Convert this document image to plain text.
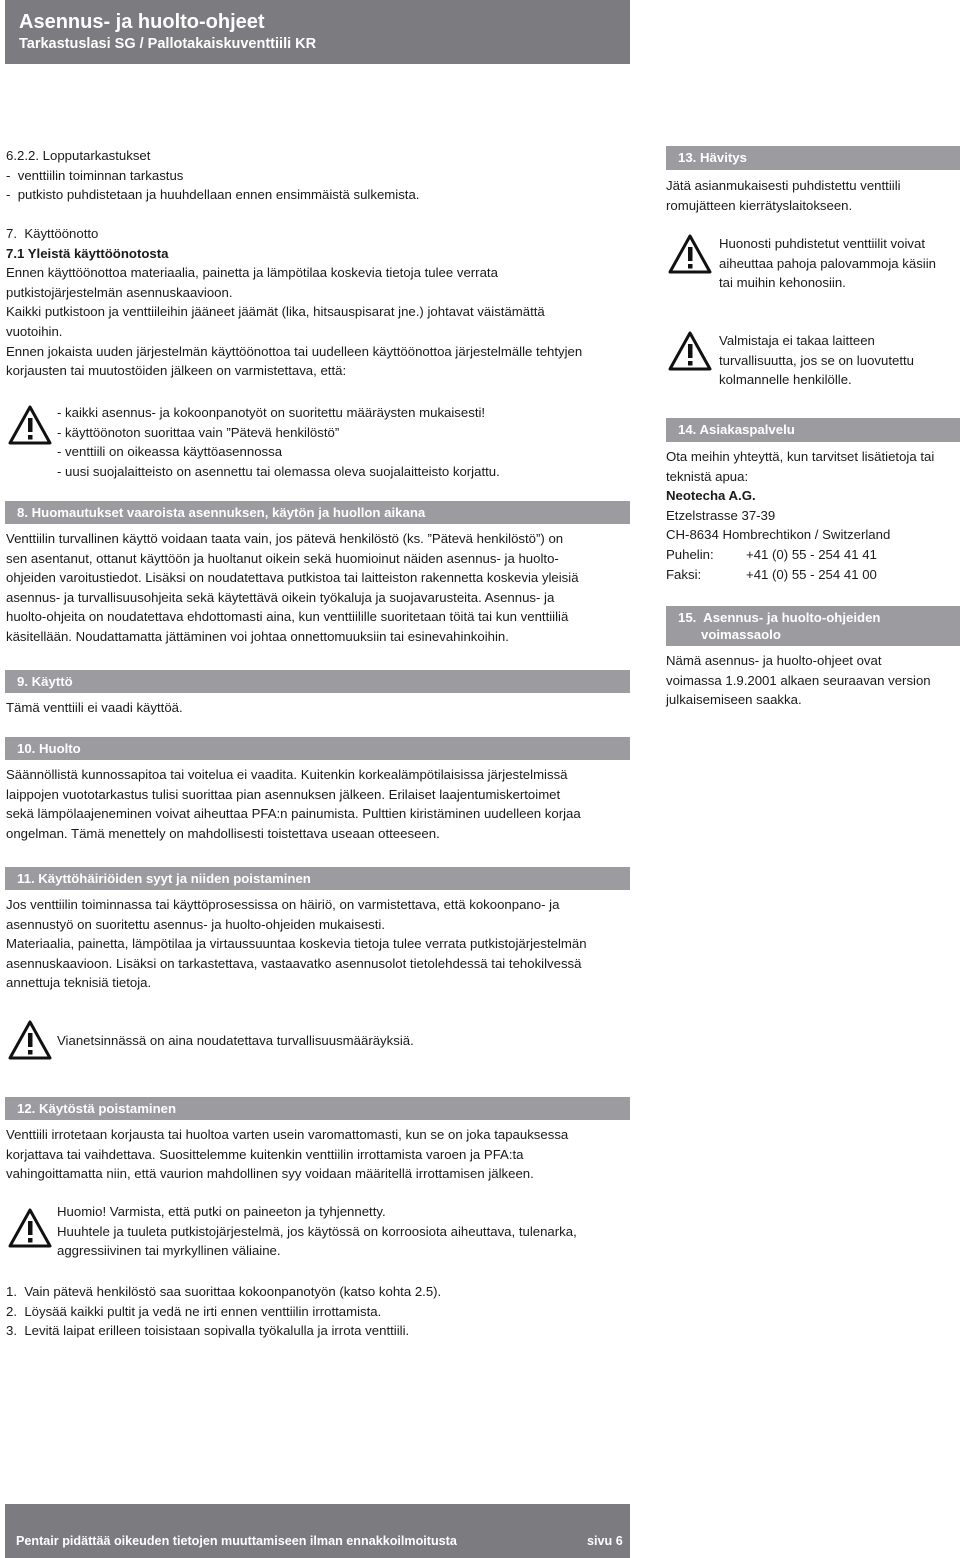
Asennus- ja huolto-ohjeet
Tarkastuslasi SG / Pallotakaiskuventtiili KR
6.2.2. Lopputarkastukset
-  venttiilin toiminnan tarkastus
-  putkisto puhdistetaan ja huuhdellaan ennen ensimmäistä sulkemista.
7.  Käyttöönotto
7.1 Yleistä käyttöönotosta
Ennen käyttöönottoa materiaalia, painetta ja lämpötilaa koskevia tietoja tulee verrata
putkistojärjestelmän asennuskaavioon.
Kaikki putkistoon ja venttiileihin jääneet jäämät (lika, hitsauspisarat jne.) johtavat väistämättä
vuotoihin.
Ennen jokaista uuden järjestelmän käyttöönottoa tai uudelleen käyttöönottoa järjestelmälle tehtyjen
korjausten tai muutostöiden jälkeen on varmistettava, että:
- kaikki asennus- ja kokoonpanotyöt on suoritettu määräysten mukaisesti!
- käyttöönoton suorittaa vain ”Pätevä henkilöstö”
- venttiili on oikeassa käyttöasennossa
- uusi suojalaitteisto on asennettu tai olemassa oleva suojalaitteisto korjattu.
8. Huomautukset vaaroista asennuksen, käytön ja huollon aikana
Venttiilin turvallinen käyttö voidaan taata vain, jos pätevä henkilöstö (ks. ”Pätevä henkilöstö”) on
sen asentanut, ottanut käyttöön ja huoltanut oikein sekä huomioinut näiden asennus- ja huolto-
ohjeiden varoitustiedot. Lisäksi on noudatettava putkistoa tai laitteiston rakennetta koskevia yleisiä
asennus- ja turvallisuusohjeita sekä käytettävä oikein työkaluja ja suojavarusteita. Asennus- ja
huolto-ohjeita on noudatettava ehdottomasti aina, kun venttiilille suoritetaan töitä tai kun venttiiliä
käsitellään. Noudattamatta jättäminen voi johtaa onnettomuuksiin tai esinevahinkoihin.
9. Käyttö
Tämä venttiili ei vaadi käyttöä.
10. Huolto
Säännöllistä kunnossapitoa tai voitelua ei vaadita. Kuitenkin korkealämpötilaisissa järjestelmissä
laippojen vuototarkastus tulisi suorittaa pian asennuksen jälkeen. Erilaiset laajentumiskertoimet
sekä lämpölaajeneminen voivat aiheuttaa PFA:n painumista. Pulttien kiristäminen uudelleen korjaa
ongelman. Tämä menettely on mahdollisesti toistettava useaan otteeseen.
11. Käyttöhäiriöiden syyt ja niiden poistaminen
Jos venttiilin toiminnassa tai käyttöprosessissa on häiriö, on varmistettava, että kokoonpano- ja
asennustyö on suoritettu asennus- ja huolto-ohjeiden mukaisesti.
Materiaalia, painetta, lämpötilaa ja virtaussuuntaa koskevia tietoja tulee verrata putkistojärjestelmän
asennuskaavioon. Lisäksi on tarkastettava, vastaavatko asennusolot tietolehdessä tai tehokilvessä
annettuja teknisiä tietoja.
Vianetsinnässä on aina noudatettava turvallisuusmääräyksiä.
12. Käytöstä poistaminen
Venttiili irrotetaan korjausta tai huoltoa varten usein varomattomasti, kun se on joka tapauksessa
korjattava tai vaihdettava. Suosittelemme kuitenkin venttiilin irrottamista varoen ja PFA:ta
vahingoittamatta niin, että vaurion mahdollinen syy voidaan määritellä irrottamisen jälkeen.
Huomio! Varmista, että putki on paineeton ja tyhjennetty.
Huuhtele ja tuuleta putkistojärjestelmä, jos käytössä on korroosiota aiheuttava, tulenarka,
aggressiivinen tai myrkyllinen väliaine.
1.  Vain pätevä henkilöstö saa suorittaa kokoonpanotyön (katso kohta 2.5).
2.  Löysää kaikki pultit ja vedä ne irti ennen venttiilin irrottamista.
3.  Levitä laipat erilleen toisistaan sopivalla työkalulla ja irrota venttiili.
13. Hävitys
Jätä asianmukaisesti puhdistettu venttiili
romujätteen kierrätyslaitokseen.
Huonosti puhdistetut venttiilit voivat
aiheuttaa pahoja palovammoja käsiin
tai muihin kehonosiin.
Valmistaja ei takaa laitteen
turvallisuutta, jos se on luovutettu
kolmannelle henkilölle.
14. Asiakaspalvelu
Ota meihin yhteyttä, kun tarvitset lisätietoja tai
teknistä apua:
Neotecha A.G.
Etzelstrasse 37-39
CH-8634 Hombrechtikon / Switzerland
Puhelin:	+41 (0) 55 - 254 41 41
Faksi:	+41 (0) 55 - 254 41 00
15.  Asennus- ja huolto-ohjeiden
voimassaolo
Nämä asennus- ja huolto-ohjeet ovat
voimassa 1.9.2001 alkaen seuraavan version
julkaisemiseen saakka.
Pentair pidättää oikeuden tietojen muuttamiseen ilman ennakkoilmoitusta	sivu 6
